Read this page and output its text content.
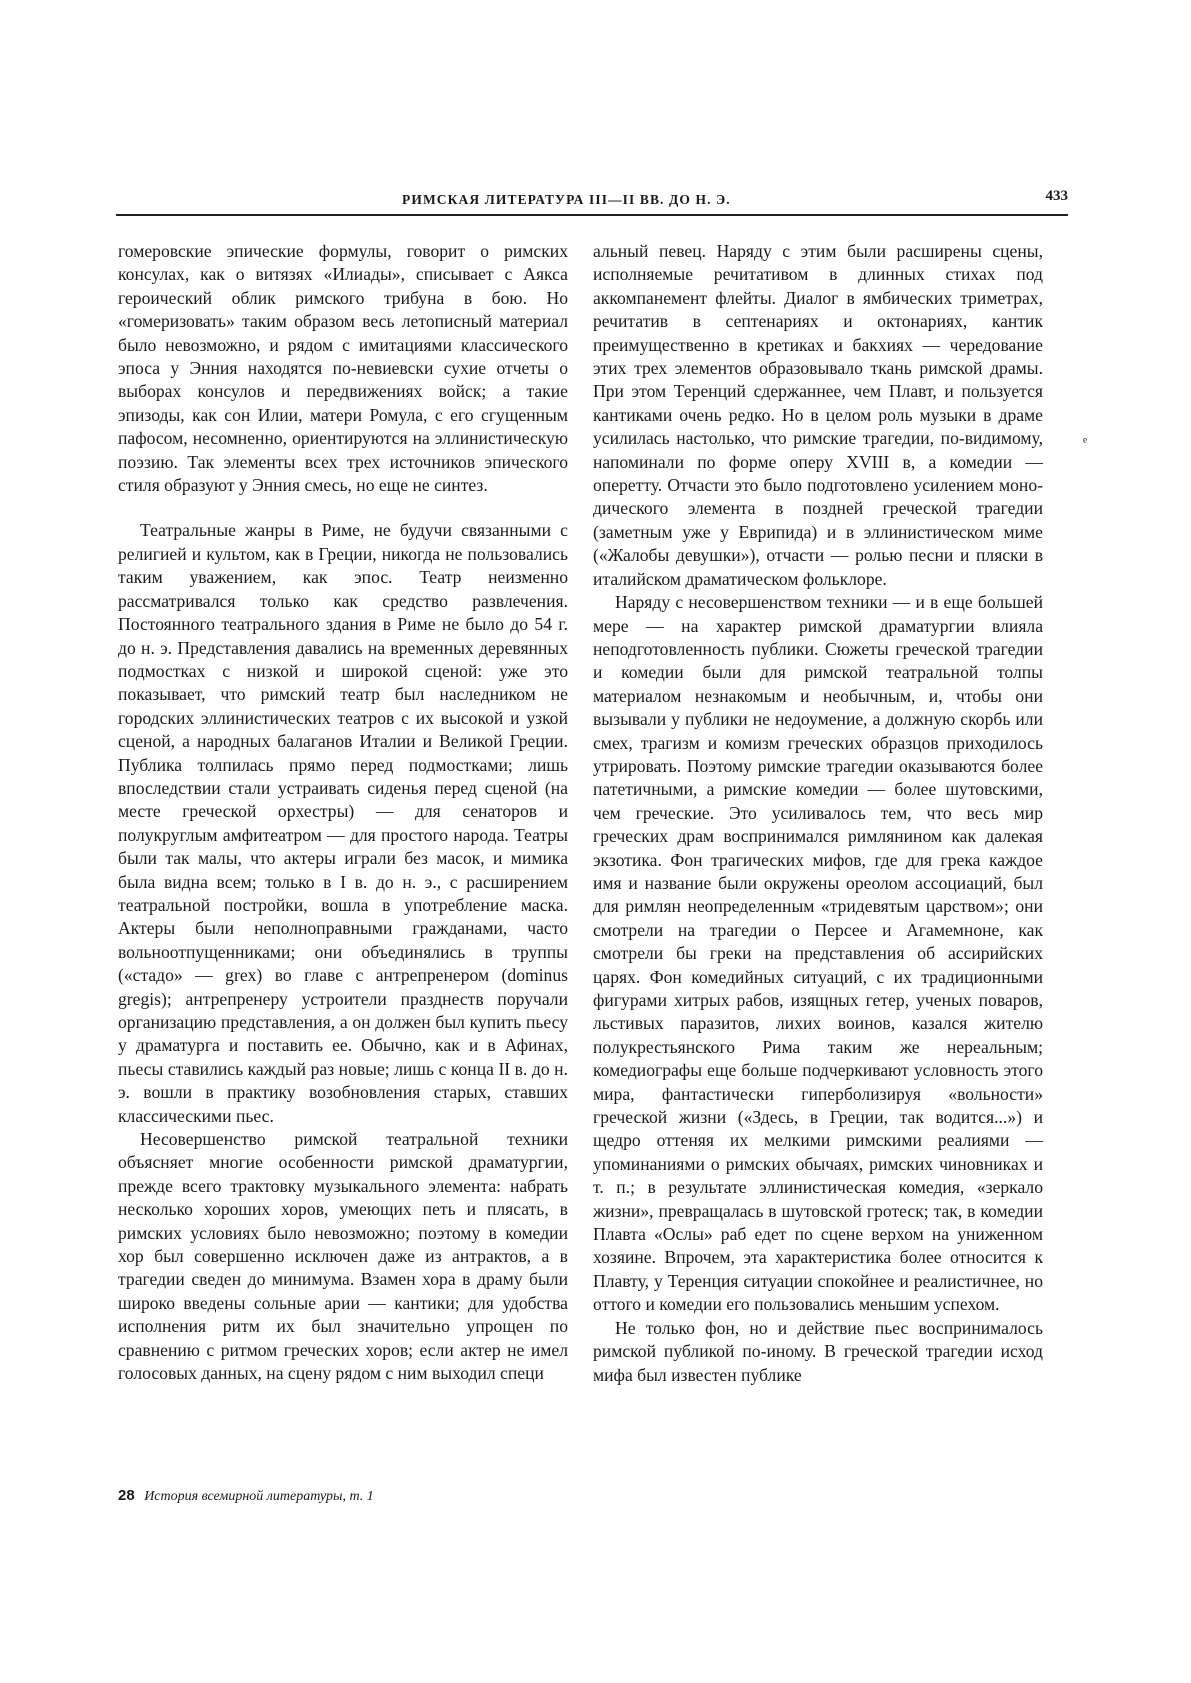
РИМСКАЯ ЛИТЕРАТУРА III—II ВВ. ДО Н. Э.	433

гомеровские эпические формулы, говорит о римских консулах, как о витязях «Илиады», списывает с Аякса героический облик римского трибуна в бою. Но «гомеризовать» таким образом весь летописный материал было невозможно, и рядом с имитациями классического эпоса у Энния находятся по-невиевски сухие отчеты о выборах консулов и передвижениях войск; а такие эпизоды, как сон Илии, матери Ромула, с его сгущенным пафосом, несомненно, ориентируются на эллинистическую поэзию. Так элементы всех трех источников эпического стиля образуют у Энния смесь, но еще не синтез.

Театральные жанры в Риме, не будучи связанными с религией и культом, как в Греции, никогда не пользовались таким уважением, как эпос. Театр неизменно рассматривался только как средство развлечения. Постоянного театрального здания в Риме не было до 54 г. до н. э. Представления давались на временных деревянных подмостках с низкой и широкой сценой: уже это показывает, что римский театр был наследником не городских эллинистических театров с их высокой и узкой сценой, а народных балаганов Италии и Великой Греции. Публика толпилась прямо перед подмостками; лишь впоследствии стали устраивать сиденья перед сценой (на месте греческой орхестры) — для сенаторов и полукруглым амфитеатром — для простого народа. Театры были так малы, что актеры играли без масок, и мимика была видна всем; только в I в. до н. э., с расширением театральной постройки, вошла в употребление маска. Актеры были неполноправными гражданами, часто вольноотпущенниками; они объединялись в труппы («стадо» — grex) во главе с антрепренером (dominus gregis); антрепренеру устроители празднеств поручали организацию представления, а он должен был купить пьесу у драматурга и поставить ее. Обычно, как и в Афинах, пьесы ставились каждый раз новые; лишь с конца II в. до н. э. вошли в практику возобновления старых, ставших классическими пьес.

Несовершенство римской театральной техники объясняет многие особенности римской драматургии, прежде всего трактовку музыкального элемента: набрать несколько хороших хоров, умеющих петь и плясать, в римских условиях было невозможно; поэтому в комедии хор был совершенно исключен даже из антрактов, а в трагедии сведен до минимума. Взамен хора в драму были широко введены сольные арии — кантики; для удобства исполнения ритм их был значительно упрощен по сравнению с ритмом греческих хоров; если актер не имел голосовых данных, на сцену рядом с ним выходил специ

альный певец. Наряду с этим были расширены сцены, исполняемые речитативом в длинных стихах под аккомпанемент флейты. Диалог в ямбических триметрах, речитатив в септенариях и октонариях, кантик преимущественно в кретиках и бакхиях — чередование этих трех элементов образовывало ткань римской драмы. При этом Теренций сдержаннее, чем Плавт, и пользуется кантиками очень редко. Но в целом роль музыки в драме усилилась настолько, что римские трагедии, по-видимому, напоминали по форме оперу XVIII в, а комедии — оперетту. Отчасти это было подготовлено усилением монодического элемента в поздней греческой трагедии (заметным уже у Еврипида) и в эллинистическом миме («Жалобы девушки»), отчасти — ролью песни и пляски в италийском драматическом фольклоре.

Наряду с несовершенством техники — и в еще большей мере — на характер римской драматургии влияла неподготовленность публики. Сюжеты греческой трагедии и комедии были для римской театральной толпы материалом незнакомым и необычным, и, чтобы они вызывали у публики не недоумение, а должную скорбь или смех, трагизм и комизм греческих образцов приходилось утрировать. Поэтому римские трагедии оказываются более патетичными, а римские комедии — более шутовскими, чем греческие. Это усиливалось тем, что весь мир греческих драм воспринимался римлянином как далекая экзотика. Фон трагических мифов, где для грека каждое имя и название были окружены ореолом ассоциаций, был для римлян неопределенным «тридевятым царством»; они смотрели на трагедии о Персее и Агамемноне, как смотрели бы греки на представления об ассирийских царях. Фон комедийных ситуаций, с их традиционными фигурами хитрых рабов, изящных гетер, ученых поваров, льстивых паразитов, лихих воинов, казался жителю полукрестьянского Рима таким же нереальным; комедиографы еще больше подчеркивают условность этого мира, фантастически гиперболизируя «вольности» греческой жизни («Здесь, в Греции, так водится...») и щедро оттеняя их мелкими римскими реалиями — упоминаниями о римских обычаях, римских чиновниках и т. п.; в результате эллинистическая комедия, «зеркало жизни», превращалась в шутовской гротеск; так, в комедии Плавта «Ослы» раб едет по сцене верхом на униженном хозяине. Впрочем, эта характеристика более относится к Плавту, у Теренция ситуации спокойнее и реалистичнее, но оттого и комедии его пользовались меньшим успехом.

Не только фон, но и действие пьес воспринималось римской публикой по-иному. В греческой трагедии исход мифа был известен публике

ₑ
28 История всемирной литературы, т. 1
